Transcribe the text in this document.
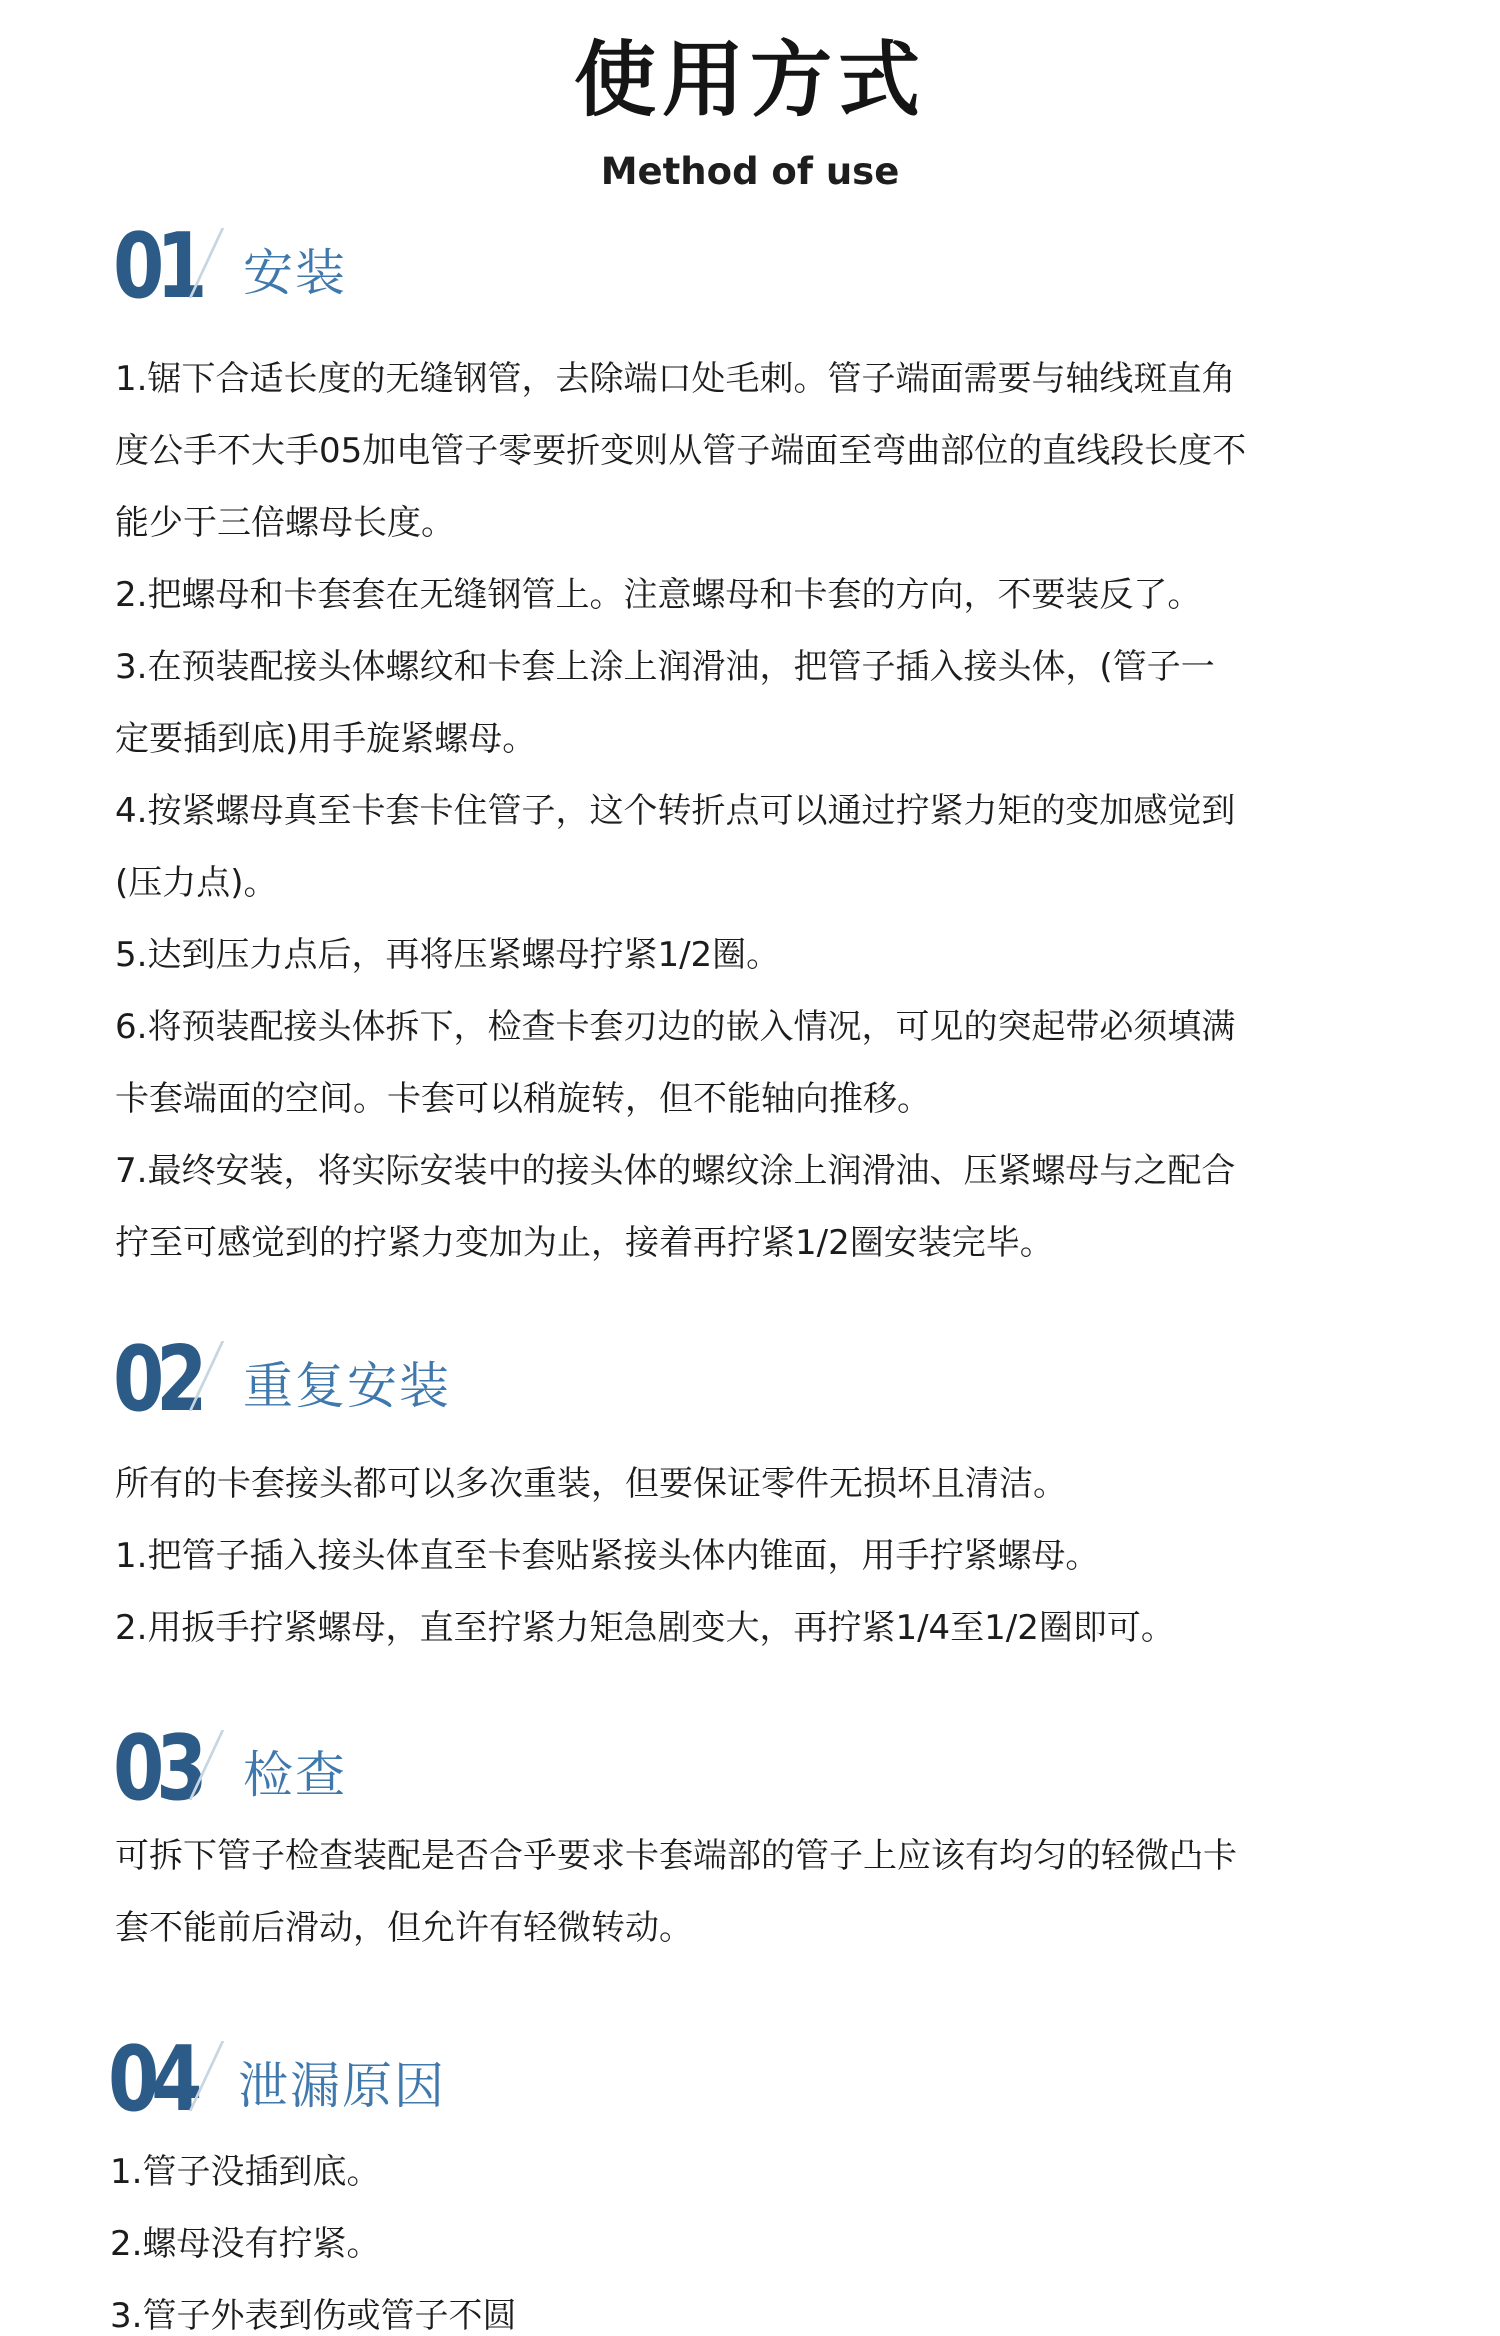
使用方式
Method of use
01 安装
1.锯下合适长度的无缝钢管，去除端口处毛刺。管子端面需要与轴线斑直角
度公手不大手05加电管子零要折变则从管子端面至弯曲部位的直线段长度不
能少于三倍螺母长度。
2.把螺母和卡套套在无缝钢管上。注意螺母和卡套的方向，不要装反了。
3.在预装配接头体螺纹和卡套上涂上润滑油，把管子插入接头体，(管子一
定要插到底)用手旋紧螺母。
4.按紧螺母真至卡套卡住管子，这个转折点可以通过拧紧力矩的变加感觉到
(压力点)。
5.达到压力点后，再将压紧螺母拧紧1/2圈。
6.将预装配接头体拆下，检查卡套刃边的嵌入情况，可见的突起带必须填满
卡套端面的空间。卡套可以稍旋转，但不能轴向推移。
7.最终安装，将实际安装中的接头体的螺纹涂上润滑油、压紧螺母与之配合
拧至可感觉到的拧紧力变加为止，接着再拧紧1/2圈安装完毕。
02 重复安装
所有的卡套接头都可以多次重装，但要保证零件无损坏且清洁。
1.把管子插入接头体直至卡套贴紧接头体内锥面，用手拧紧螺母。
2.用扳手拧紧螺母，直至拧紧力矩急剧变大，再拧紧1/4至1/2圈即可。
03 检查
可拆下管子检查装配是否合乎要求卡套端部的管子上应该有均匀的轻微凸卡
套不能前后滑动，但允许有轻微转动。
04 泄漏原因
1.管子没插到底。
2.螺母没有拧紧。
3.管子外表到伤或管子不圆
